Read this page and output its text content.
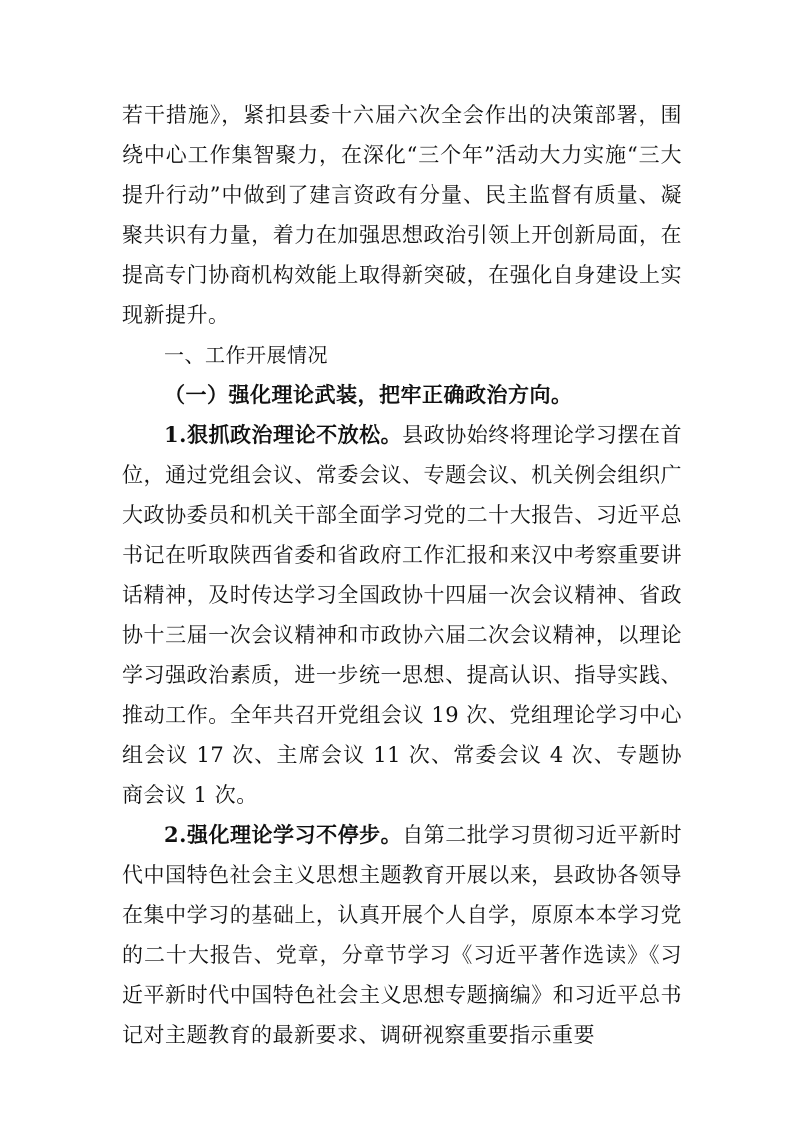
若干措施》，紧扣县委十六届六次全会作出的决策部署，围绕中心工作集智聚力，在深化“三个年”活动大力实施“三大提升行动”中做到了建言资政有分量、民主监督有质量、凝聚共识有力量，着力在加强思想政治引领上开创新局面，在提高专门协商机构效能上取得新突破，在强化自身建设上实现新提升。

一、工作开展情况

（一）强化理论武装，把牢正确政治方向。

1.狠抓政治理论不放松。县政协始终将理论学习摆在首位，通过党组会议、常委会议、专题会议、机关例会组织广大政协委员和机关干部全面学习党的二十大报告、习近平总书记在听取陕西省委和省政府工作汇报和来汉中考察重要讲话精神，及时传达学习全国政协十四届一次会议精神、省政协十三届一次会议精神和市政协六届二次会议精神，以理论学习强政治素质，进一步统一思想、提高认识、指导实践、推动工作。全年共召开党组会议 19 次、党组理论学习中心组会议 17 次、主席会议 11 次、常委会议 4 次、专题协商会议 1 次。

2.强化理论学习不停步。自第二批学习贯彻习近平新时代中国特色社会主义思想主题教育开展以来，县政协各领导在集中学习的基础上，认真开展个人自学，原原本本学习党的二十大报告、党章，分章节学习《习近平著作选读》《习近平新时代中国特色社会主义思想专题摘编》和习近平总书记对主题教育的最新要求、调研视察重要指示重要
